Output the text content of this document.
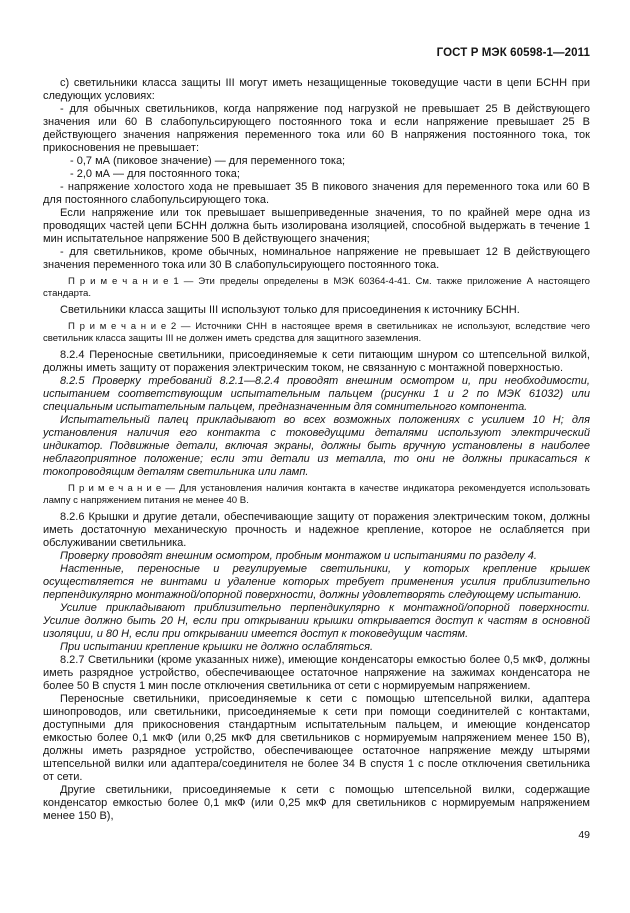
ГОСТ Р МЭК 60598-1—2011

с) светильники класса защиты III могут иметь незащищенные токоведущие части в цепи БСНН при следующих условиях:

- для обычных светильников, когда напряжение под нагрузкой не превышает 25 В действующего значения или 60 В слабопульсирующего постоянного тока и если напряжение превышает 25 В действующего значения напряжения переменного тока или 60 В напряжения постоянного тока, ток прикосновения не превышает:

- 0,7 мА (пиковое значение) — для переменного тока;

- 2,0 мА — для постоянного тока;

- напряжение холостого хода не превышает 35 В пикового значения для переменного тока или 60 В для постоянного слабопульсирующего тока.

Если напряжение или ток превышает вышеприведенные значения, то по крайней мере одна из проводящих частей цепи БСНН должна быть изолирована изоляцией, способной выдержать в течение 1 мин испытательное напряжение 500 В действующего значения;

- для светильников, кроме обычных, номинальное напряжение не превышает 12 В действующего значения переменного тока или 30 В слабопульсирующего постоянного тока.

П р и м е ч а н и е 1 — Эти пределы определены в МЭК 60364-4-41. См. также приложение А настоящего стандарта.

Светильники класса защиты III используют только для присоединения к источнику БСНН.

П р и м е ч а н и е 2 — Источники СНН в настоящее время в светильниках не используют, вследствие чего светильник класса защиты III не должен иметь средства для защитного заземления.

8.2.4 Переносные светильники, присоединяемые к сети питающим шнуром со штепсельной вилкой, должны иметь защиту от поражения электрическим током, не связанную с монтажной поверхностью.

8.2.5 Проверку требований 8.2.1—8.2.4 проводят внешним осмотром и, при необходимости, испытанием соответствующим испытательным пальцем (рисунки 1 и 2 по МЭК 61032) или специальным испытательным пальцем, предназначенным для сомнительного компонента.

Испытательный палец прикладывают во всех возможных положениях с усилием 10 Н; для установления наличия его контакта с токоведущими деталями используют электрический индикатор. Подвижные детали, включая экраны, должны быть вручную установлены в наиболее неблагоприятное положение; если эти детали из металла, то они не должны прикасаться к токопроводящим деталям светильника или ламп.

П р и м е ч а н и е — Для установления наличия контакта в качестве индикатора рекомендуется использовать лампу с напряжением питания не менее 40 В.

8.2.6 Крышки и другие детали, обеспечивающие защиту от поражения электрическим током, должны иметь достаточную механическую прочность и надежное крепление, которое не ослабляется при обслуживании светильника.

Проверку проводят внешним осмотром, пробным монтажом и испытаниями по разделу 4.

Настенные, переносные и регулируемые светильники, у которых крепление крышек осуществляется не винтами и удаление которых требует применения усилия приблизительно перпендикулярно монтажной/опорной поверхности, должны удовлетворять следующему испытанию.

Усилие прикладывают приблизительно перпендикулярно к монтажной/опорной поверхности. Усилие должно быть 20 Н, если при открывании крышки открывается доступ к частям в основной изоляции, и 80 Н, если при открывании имеется доступ к токоведущим частям.

При испытании крепление крышки не должно ослабляться.

8.2.7 Светильники (кроме указанных ниже), имеющие конденсаторы емкостью более 0,5 мкФ, должны иметь разрядное устройство, обеспечивающее остаточное напряжение на зажимах конденсатора не более 50 В спустя 1 мин после отключения светильника от сети с нормируемым напряжением.

Переносные светильники, присоединяемые к сети с помощью штепсельной вилки, адаптера шинопроводов, или светильники, присоединяемые к сети при помощи соединителей с контактами, доступными для прикосновения стандартным испытательным пальцем, и имеющие конденсатор емкостью более 0,1 мкФ (или 0,25 мкФ для светильников с нормируемым напряжением менее 150 В), должны иметь разрядное устройство, обеспечивающее остаточное напряжение между штырями штепсельной вилки или адаптера/соединителя не более 34 В спустя 1 с после отключения светильника от сети.

Другие светильники, присоединяемые к сети с помощью штепсельной вилки, содержащие конденсатор емкостью более 0,1 мкФ (или 0,25 мкФ для светильников с нормируемым напряжением менее 150 В),

49
